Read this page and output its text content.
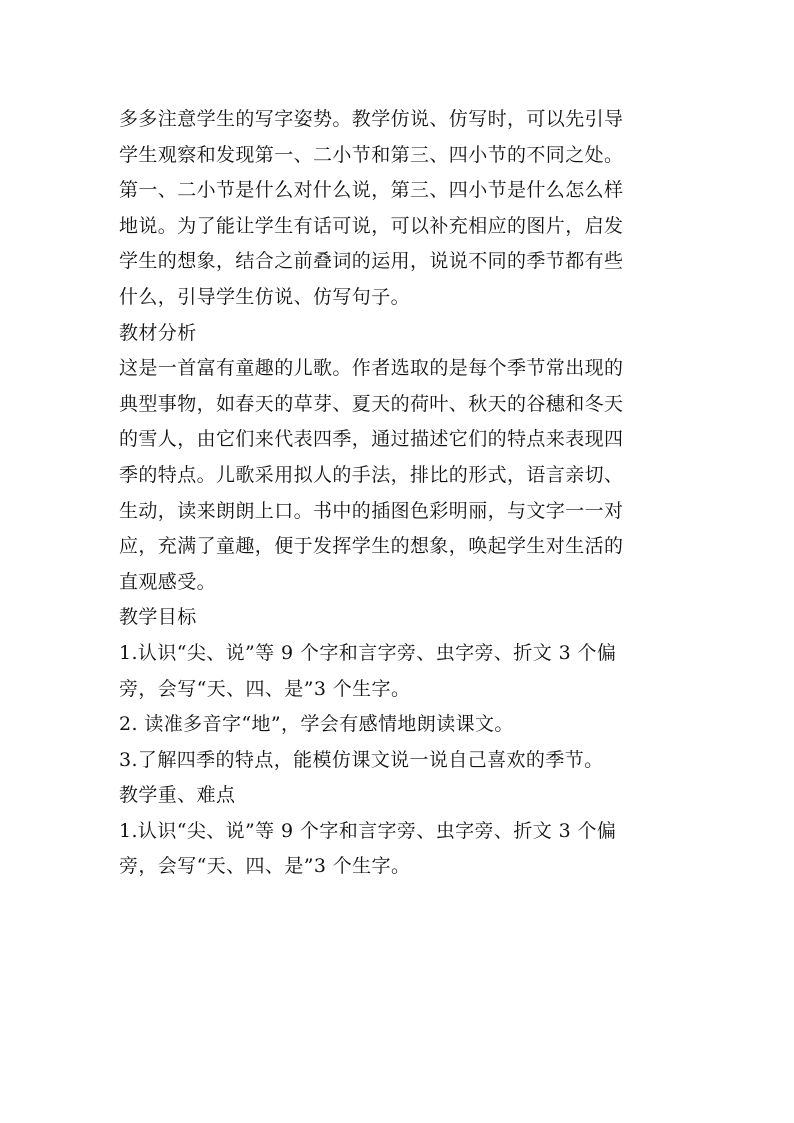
多多注意学生的写字姿势。教学仿说、仿写时，可以先引导
学生观察和发现第一、二小节和第三、四小节的不同之处。
第一、二小节是什么对什么说，第三、四小节是什么怎么样
地说。为了能让学生有话可说，可以补充相应的图片，启发
学生的想象，结合之前叠词的运用，说说不同的季节都有些
什么，引导学生仿说、仿写句子。
教材分析
这是一首富有童趣的儿歌。作者选取的是每个季节常出现的
典型事物，如春天的草芽、夏天的荷叶、秋天的谷穗和冬天
的雪人，由它们来代表四季，通过描述它们的特点来表现四
季的特点。儿歌采用拟人的手法，排比的形式，语言亲切、
生动，读来朗朗上口。书中的插图色彩明丽，与文字一一对
应，充满了童趣，便于发挥学生的想象，唤起学生对生活的
直观感受。
教学目标
1.认识“尖、说”等 9 个字和言字旁、虫字旁、折文 3 个偏
旁，会写“天、四、是”3 个生字。
2. 读准多音字“地”，学会有感情地朗读课文。
3.了解四季的特点，能模仿课文说一说自己喜欢的季节。
教学重、难点
1.认识“尖、说”等 9 个字和言字旁、虫字旁、折文 3 个偏
旁，会写“天、四、是”3 个生字。
